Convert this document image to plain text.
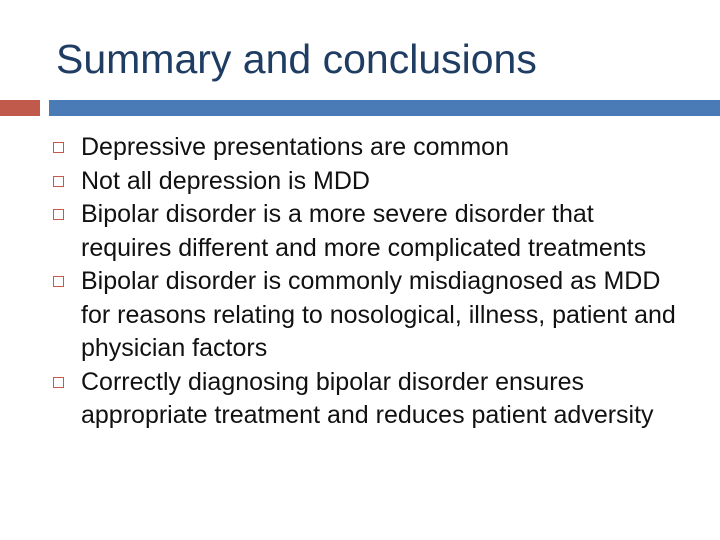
Summary and conclusions
Depressive presentations are common
Not all depression is MDD
Bipolar disorder is a more severe disorder that requires different and more complicated treatments
Bipolar disorder is commonly misdiagnosed as MDD for reasons relating to nosological, illness, patient and physician factors
Correctly diagnosing bipolar disorder ensures appropriate treatment and reduces patient adversity
